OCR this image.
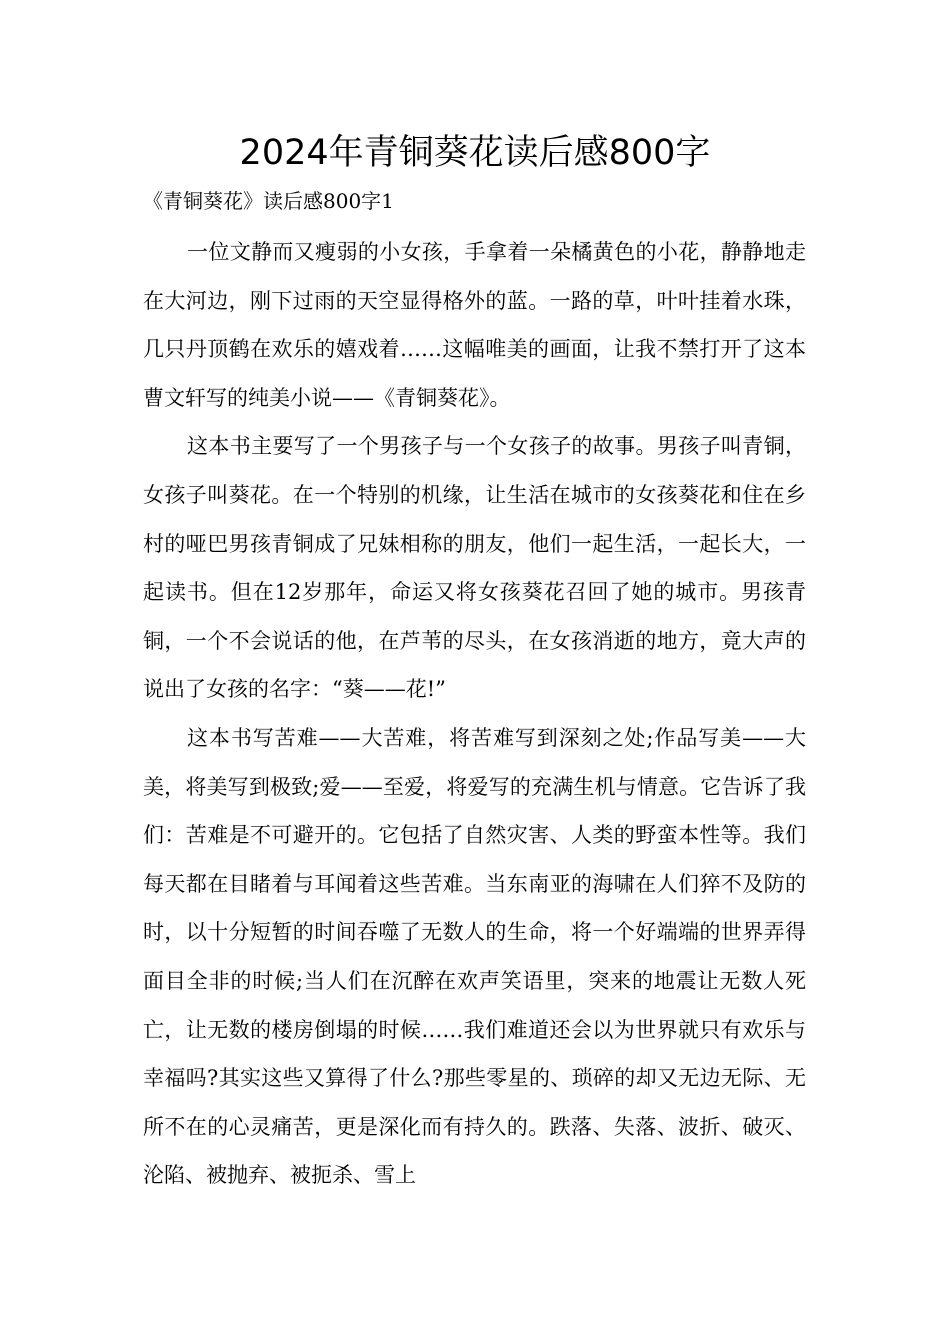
2024年青铜葵花读后感800字
《青铜葵花》读后感800字1

一位文静而又瘦弱的小女孩，手拿着一朵橘黄色的小花，静静地走在大河边，刚下过雨的天空显得格外的蓝。一路的草，叶叶挂着水珠，几只丹顶鹤在欢乐的嬉戏着……这幅唯美的画面，让我不禁打开了这本曹文轩写的纯美小说——《青铜葵花》。

这本书主要写了一个男孩子与一个女孩子的故事。男孩子叫青铜，女孩子叫葵花。在一个特别的机缘，让生活在城市的女孩葵花和住在乡村的哑巴男孩青铜成了兄妹相称的朋友，他们一起生活，一起长大，一起读书。但在12岁那年，命运又将女孩葵花召回了她的城市。男孩青铜，一个不会说话的他，在芦苇的尽头，在女孩消逝的地方，竟大声的说出了女孩的名字：“葵——花!”

这本书写苦难——大苦难，将苦难写到深刻之处;作品写美——大美，将美写到极致;爱——至爱，将爱写的充满生机与情意。它告诉了我们：苦难是不可避开的。它包括了自然灾害、人类的野蛮本性等。我们每天都在目睹着与耳闻着这些苦难。当东南亚的海啸在人们猝不及防的时，以十分短暂的时间吞噬了无数人的生命，将一个好端端的世界弄得面目全非的时候;当人们在沉醉在欢声笑语里，突来的地震让无数人死亡，让无数的楼房倒塌的时候……我们难道还会以为世界就只有欢乐与幸福吗?其实这些又算得了什么?那些零星的、琐碎的却又无边无际、无所不在的心灵痛苦，更是深化而有持久的。跌落、失落、波折、破灭、沦陷、被抛弃、被扼杀、雪上
